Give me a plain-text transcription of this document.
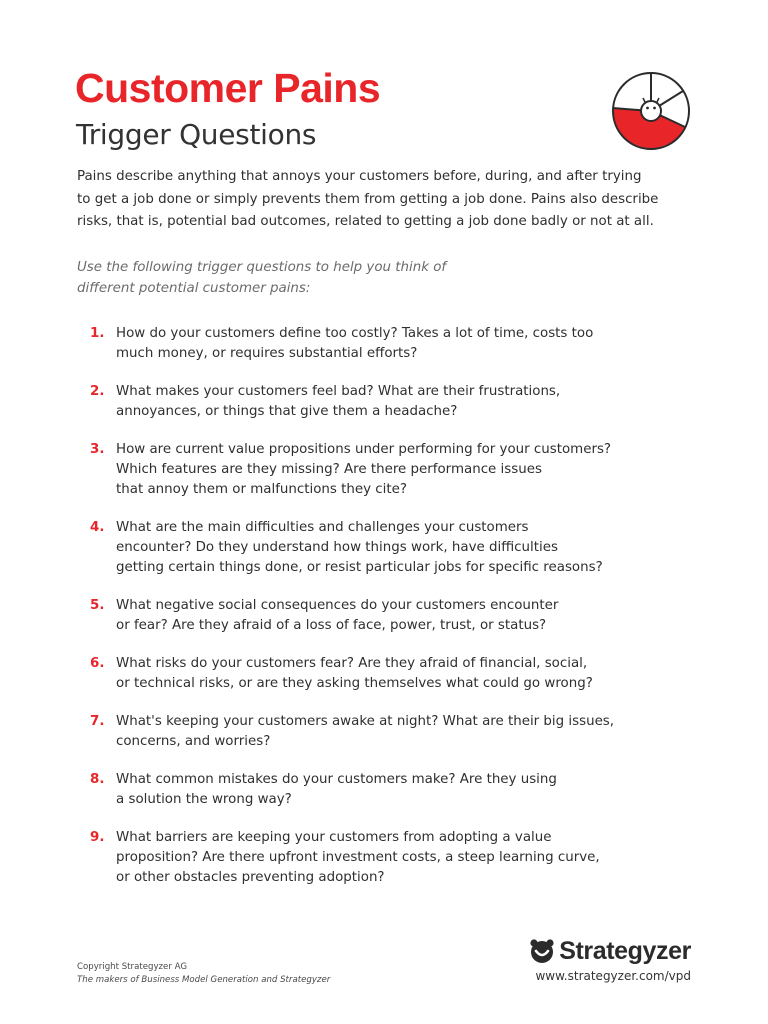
Customer Pains
Trigger Questions

Pains describe anything that annoys your customers before, during, and after trying
to get a job done or simply prevents them from getting a job done. Pains also describe
risks, that is, potential bad outcomes, related to getting a job done badly or not at all.

Use the following trigger questions to help you think of
different potential customer pains:

1. How do your customers define too costly? Takes a lot of time, costs too
much money, or requires substantial efforts?
2. What makes your customers feel bad? What are their frustrations,
annoyances, or things that give them a headache?
3. How are current value propositions under performing for your customers?
Which features are they missing? Are there performance issues
that annoy them or malfunctions they cite?
4. What are the main difficulties and challenges your customers
encounter? Do they understand how things work, have difficulties
getting certain things done, or resist particular jobs for specific reasons?
5. What negative social consequences do your customers encounter
or fear? Are they afraid of a loss of face, power, trust, or status?
6. What risks do your customers fear? Are they afraid of financial, social,
or technical risks, or are they asking themselves what could go wrong?
7. What's keeping your customers awake at night? What are their big issues,
concerns, and worries?
8. What common mistakes do your customers make? Are they using
a solution the wrong way?
9. What barriers are keeping your customers from adopting a value
proposition? Are there upfront investment costs, a steep learning curve,
or other obstacles preventing adoption?
Copyright Strategyzer AG
The makers of Business Model Generation and Strategyzer
Strategyzer
www.strategyzer.com/vpd
